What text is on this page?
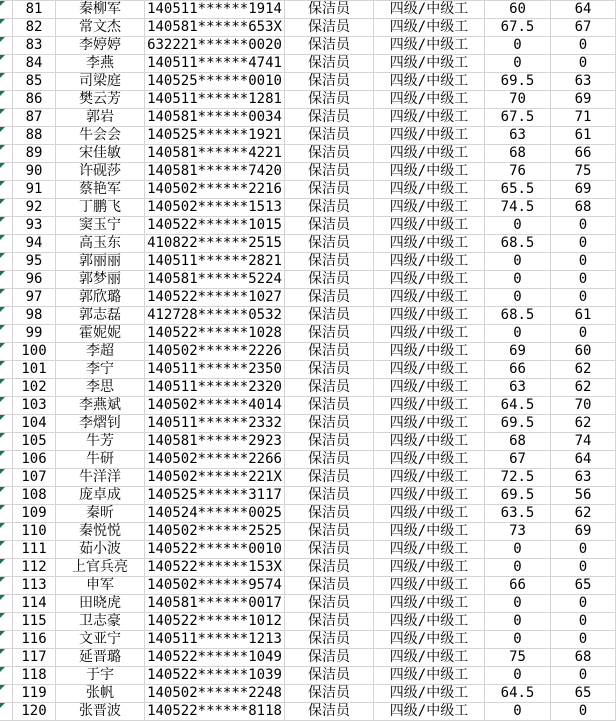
81	秦柳军	140511******1914	保洁员	四级/中级工	60	64
82	常文杰	140581******653X	保洁员	四级/中级工	67.5	67
83	李婷婷	632221******0020	保洁员	四级/中级工	0	0
84	李燕	140511******4741	保洁员	四级/中级工	0	0
85	司梁庭	140525******0010	保洁员	四级/中级工	69.5	63
86	樊云芳	140511******1281	保洁员	四级/中级工	70	69
87	郭岩	140581******0034	保洁员	四级/中级工	67.5	71
88	牛会会	140525******1921	保洁员	四级/中级工	63	61
89	宋佳敏	140581******4221	保洁员	四级/中级工	68	66
90	许砚莎	140581******7420	保洁员	四级/中级工	76	75
91	蔡艳军	140502******2216	保洁员	四级/中级工	65.5	69
92	丁鹏飞	140502******1513	保洁员	四级/中级工	74.5	68
93	窦玉宁	140522******1015	保洁员	四级/中级工	0	0
94	高玉东	410822******2515	保洁员	四级/中级工	68.5	0
95	郭丽丽	140511******2821	保洁员	四级/中级工	0	0
96	郭梦丽	140581******5224	保洁员	四级/中级工	0	0
97	郭欣璐	140522******1027	保洁员	四级/中级工	0	0
98	郭志磊	412728******0532	保洁员	四级/中级工	68.5	61
99	霍妮妮	140522******1028	保洁员	四级/中级工	0	0
100	李超	140502******2226	保洁员	四级/中级工	69	60
101	李宁	140511******2350	保洁员	四级/中级工	66	62
102	李思	140511******2320	保洁员	四级/中级工	63	62
103	李燕斌	140502******4014	保洁员	四级/中级工	64.5	70
104	李熠钊	140511******2332	保洁员	四级/中级工	69.5	62
105	牛芳	140581******2923	保洁员	四级/中级工	68	74
106	牛研	140502******2266	保洁员	四级/中级工	67	64
107	牛洋洋	140502******221X	保洁员	四级/中级工	72.5	63
108	庞卓成	140525******3117	保洁员	四级/中级工	69.5	56
109	秦昕	140524******0025	保洁员	四级/中级工	63.5	62
110	秦悦悦	140502******2525	保洁员	四级/中级工	73	69
111	茹小波	140522******0010	保洁员	四级/中级工	0	0
112	上官兵亮	140522******153X	保洁员	四级/中级工	0	0
113	申军	140502******9574	保洁员	四级/中级工	66	65
114	田晓虎	140581******0017	保洁员	四级/中级工	0	0
115	卫志豪	140522******1012	保洁员	四级/中级工	0	0
116	文亚宁	140511******1213	保洁员	四级/中级工	0	0
117	延晋璐	140522******1049	保洁员	四级/中级工	75	68
118	于宇	140522******1039	保洁员	四级/中级工	0	0
119	张帆	140502******2248	保洁员	四级/中级工	64.5	65
120	张晋波	140522******8118	保洁员	四级/中级工	0	0
